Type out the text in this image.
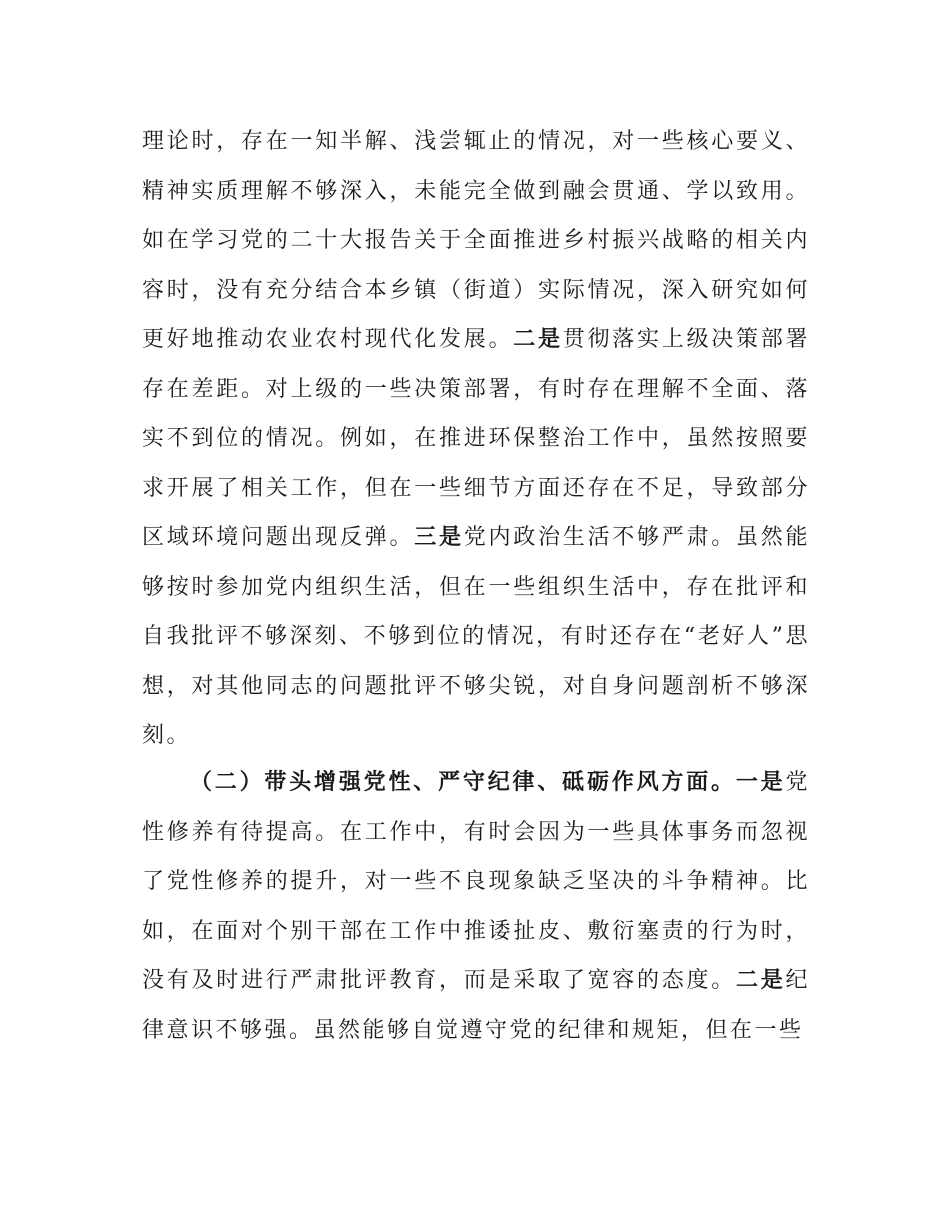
理论时，存在一知半解、浅尝辄止的情况，对一些核心要义、精神实质理解不够深入，未能完全做到融会贯通、学以致用。如在学习党的二十大报告关于全面推进乡村振兴战略的相关内容时，没有充分结合本乡镇（街道）实际情况，深入研究如何更好地推动农业农村现代化发展。二是贯彻落实上级决策部署存在差距。对上级的一些决策部署，有时存在理解不全面、落实不到位的情况。例如，在推进环保整治工作中，虽然按照要求开展了相关工作，但在一些细节方面还存在不足，导致部分区域环境问题出现反弹。三是党内政治生活不够严肃。虽然能够按时参加党内组织生活，但在一些组织生活中，存在批评和自我批评不够深刻、不够到位的情况，有时还存在“老好人”思想，对其他同志的问题批评不够尖锐，对自身问题剖析不够深刻。

（二）带头增强党性、严守纪律、砥砺作风方面。一是党性修养有待提高。在工作中，有时会因为一些具体事务而忽视了党性修养的提升，对一些不良现象缺乏坚决的斗争精神。比如，在面对个别干部在工作中推诿扯皮、敷衍塞责的行为时，没有及时进行严肃批评教育，而是采取了宽容的态度。二是纪律意识不够强。虽然能够自觉遵守党的纪律和规矩，但在一些
